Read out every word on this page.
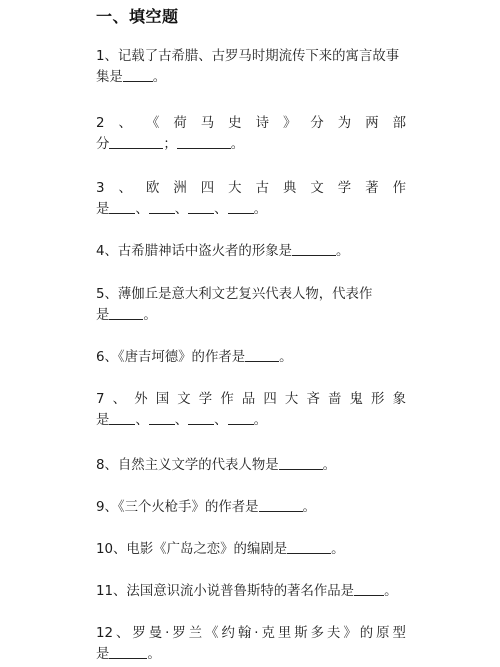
一、填空题
1、记载了古希腊、古罗马时期流传下来的寓言故事
集是 。
2 、 《 荷 马 史 诗 》 分 为 两 部
分	；	。
3 、 欧 洲 四 大 古 典 文 学 著 作
是 、 、 、 。
4、古希腊神话中盗火者的形象是	。
5、薄伽丘是意大利文艺复兴代表人物，代表作
是	。
6、《唐吉坷德》的作者是	。
7 、 外 国 文 学 作 品 四 大 吝 啬 鬼 形 象
是 、 、 、 。
8、自然主义文学的代表人物是	。
9、《三个火枪手》的作者是	。
10、电影《广岛之恋》的编剧是	。
11、法国意识流小说普鲁斯特的著名作品是 。
12 、 罗 曼 · 罗 兰 《 约 翰 · 克 里 斯 多 夫 》 的 原 型
是	。
